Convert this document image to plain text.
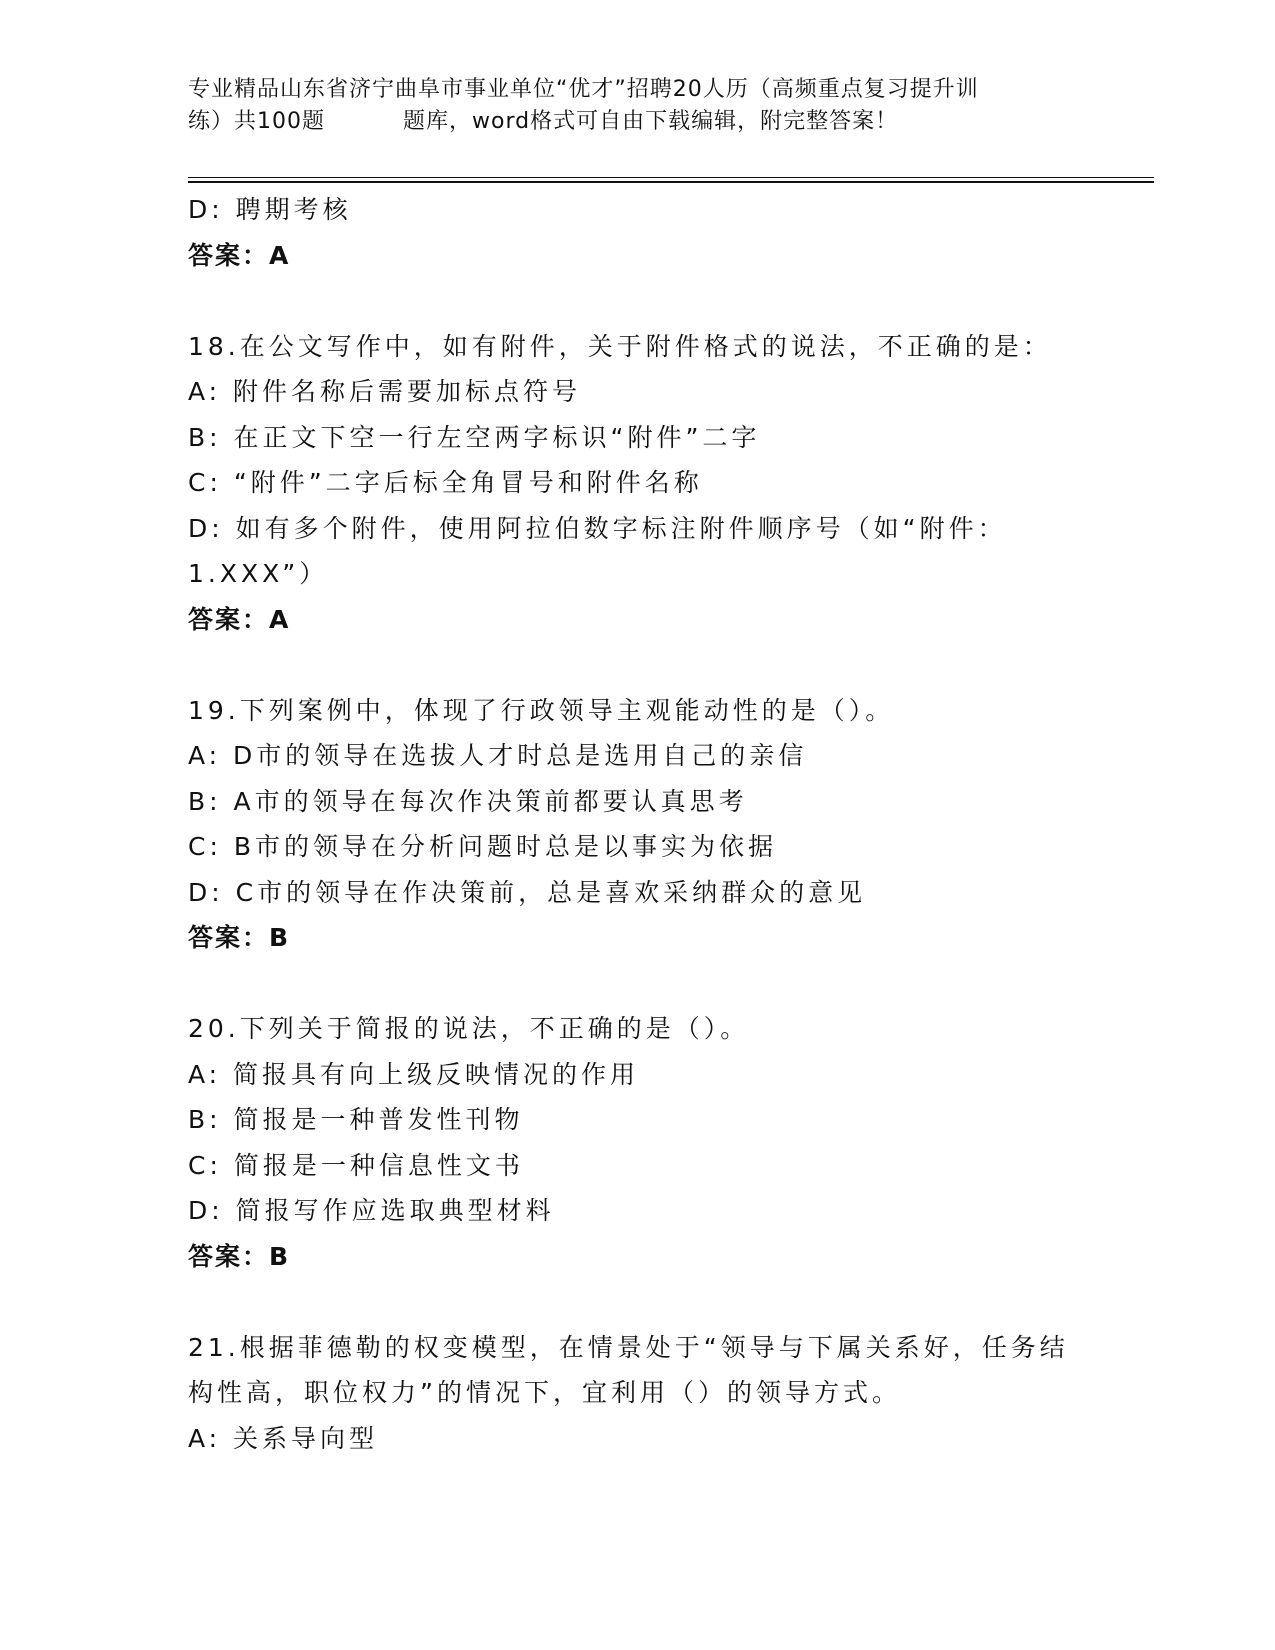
专业精品山东省济宁曲阜市事业单位“优才”招聘20人历（高频重点复习提升训
练）共100题	题库，word格式可自由下载编辑，附完整答案！
D: 聘期考核
答案：A
18.在公文写作中，如有附件，关于附件格式的说法，不正确的是：
A: 附件名称后需要加标点符号
B: 在正文下空一行左空两字标识“附件”二字
C: “附件”二字后标全角冒号和附件名称
D: 如有多个附件，使用阿拉伯数字标注附件顺序号（如“附件：
1.XXX”）
答案：A
19.下列案例中，体现了行政领导主观能动性的是（）。
A: D市的领导在选拔人才时总是选用自己的亲信
B: A市的领导在每次作决策前都要认真思考
C: B市的领导在分析问题时总是以事实为依据
D: C市的领导在作决策前，总是喜欢采纳群众的意见
答案：B
20.下列关于简报的说法，不正确的是（）。
A: 简报具有向上级反映情况的作用
B: 简报是一种普发性刊物
C: 简报是一种信息性文书
D: 简报写作应选取典型材料
答案：B
21.根据菲德勒的权变模型，在情景处于“领导与下属关系好，任务结
构性高，职位权力”的情况下，宜利用（）的领导方式。
A: 关系导向型
